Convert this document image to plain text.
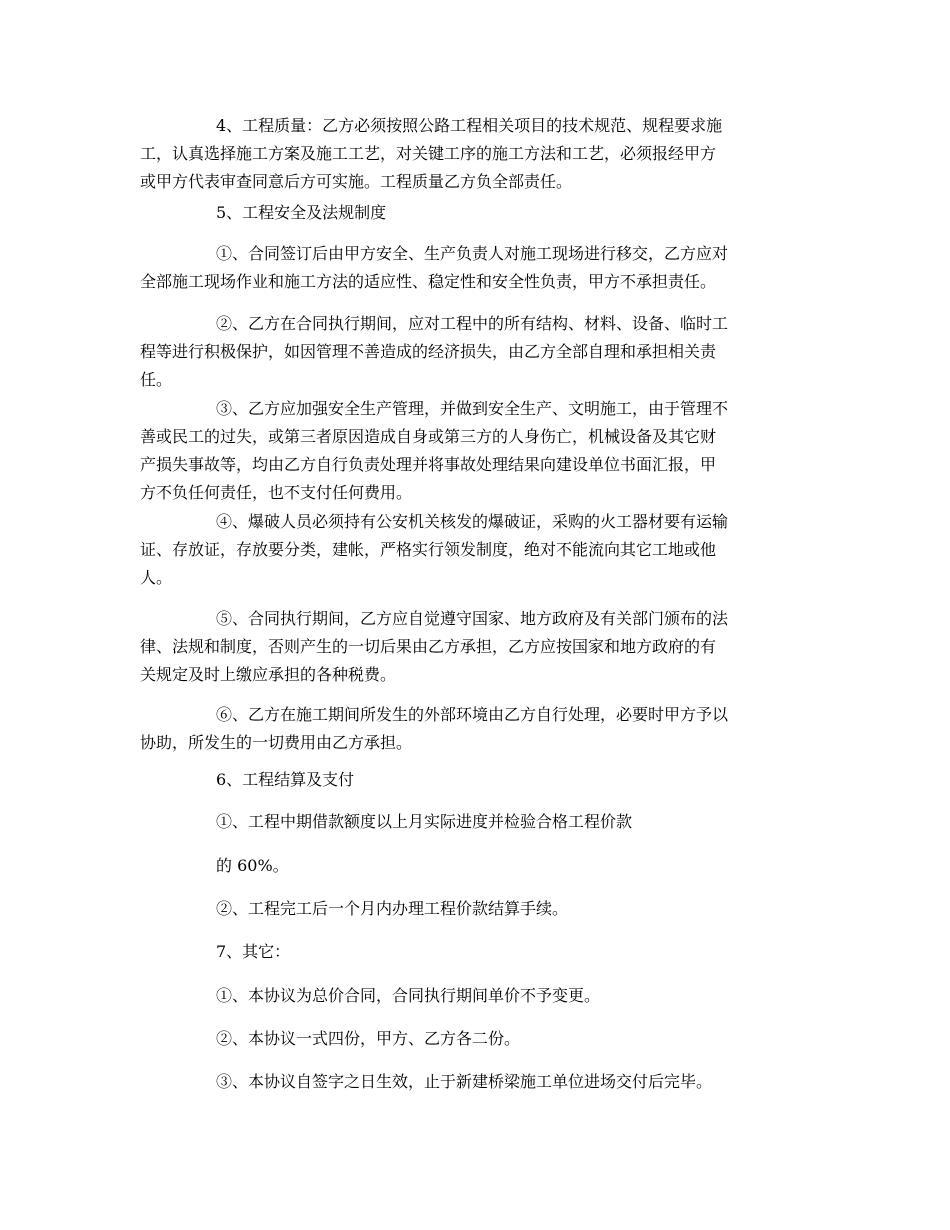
4、工程质量：乙方必须按照公路工程相关项目的技术规范、规程要求施
工，认真选择施工方案及施工工艺，对关键工序的施工方法和工艺，必须报经甲方
或甲方代表审查同意后方可实施。工程质量乙方负全部责任。
5、工程安全及法规制度
①、合同签订后由甲方安全、生产负责人对施工现场进行移交，乙方应对
全部施工现场作业和施工方法的适应性、稳定性和安全性负责，甲方不承担责任。
②、乙方在合同执行期间，应对工程中的所有结构、材料、设备、临时工
程等进行积极保护，如因管理不善造成的经济损失，由乙方全部自理和承担相关责
任。
③、乙方应加强安全生产管理，并做到安全生产、文明施工，由于管理不
善或民工的过失，或第三者原因造成自身或第三方的人身伤亡，机械设备及其它财
产损失事故等，均由乙方自行负责处理并将事故处理结果向建设单位书面汇报，甲
方不负任何责任，也不支付任何费用。
④、爆破人员必须持有公安机关核发的爆破证，采购的火工器材要有运输
证、存放证，存放要分类，建帐，严格实行领发制度，绝对不能流向其它工地或他
人。
⑤、合同执行期间，乙方应自觉遵守国家、地方政府及有关部门颁布的法
律、法规和制度，否则产生的一切后果由乙方承担，乙方应按国家和地方政府的有
关规定及时上缴应承担的各种税费。
⑥、乙方在施工期间所发生的外部环境由乙方自行处理，必要时甲方予以
协助，所发生的一切费用由乙方承担。
6、工程结算及支付
①、工程中期借款额度以上月实际进度并检验合格工程价款
的 60%。
②、工程完工后一个月内办理工程价款结算手续。
7、其它：
①、本协议为总价合同，合同执行期间单价不予变更。
②、本协议一式四份，甲方、乙方各二份。
③、本协议自签字之日生效，止于新建桥梁施工单位进场交付后完毕。
